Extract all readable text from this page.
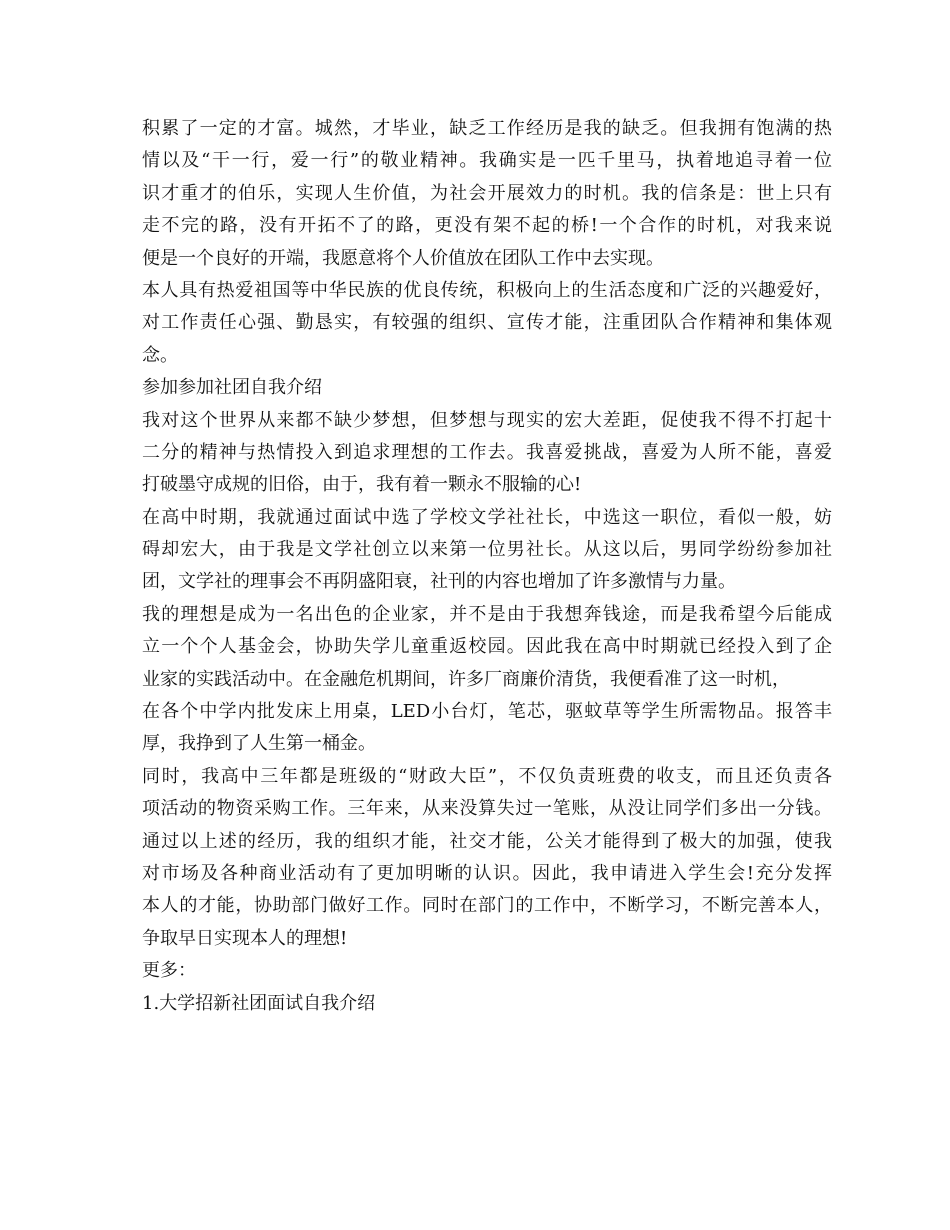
积累了一定的才富。城然，才毕业，缺乏工作经历是我的缺乏。但我拥有饱满的热
情以及“干一行，爱一行”的敬业精神。我确实是一匹千里马，执着地追寻着一位
识才重才的伯乐，实现人生价值，为社会开展效力的时机。我的信条是：世上只有
走不完的路，没有开拓不了的路，更没有架不起的桥!一个合作的时机，对我来说
便是一个良好的开端，我愿意将个人价值放在团队工作中去实现。
本人具有热爱祖国等中华民族的优良传统，积极向上的生活态度和广泛的兴趣爱好，
对工作责任心强、勤恳实，有较强的组织、宣传才能，注重团队合作精神和集体观
念。
参加参加社团自我介绍
我对这个世界从来都不缺少梦想，但梦想与现实的宏大差距，促使我不得不打起十
二分的精神与热情投入到追求理想的工作去。我喜爱挑战，喜爱为人所不能，喜爱
打破墨守成规的旧俗，由于，我有着一颗永不服输的心!
在高中时期，我就通过面试中选了学校文学社社长，中选这一职位，看似一般，妨
碍却宏大，由于我是文学社创立以来第一位男社长。从这以后，男同学纷纷参加社
团，文学社的理事会不再阴盛阳衰，社刊的内容也增加了许多激情与力量。
我的理想是成为一名出色的企业家，并不是由于我想奔钱途，而是我希望今后能成
立一个个人基金会，协助失学儿童重返校园。因此我在高中时期就已经投入到了企
业家的实践活动中。在金融危机期间，许多厂商廉价清货，我便看准了这一时机，
在各个中学内批发床上用桌，LED小台灯，笔芯，驱蚊草等学生所需物品。报答丰
厚，我挣到了人生第一桶金。
同时，我高中三年都是班级的“财政大臣”，不仅负责班费的收支，而且还负责各
项活动的物资采购工作。三年来，从来没算失过一笔账，从没让同学们多出一分钱。
通过以上述的经历，我的组织才能，社交才能，公关才能得到了极大的加强，使我
对市场及各种商业活动有了更加明晰的认识。因此，我申请进入学生会!充分发挥
本人的才能，协助部门做好工作。同时在部门的工作中，不断学习，不断完善本人，
争取早日实现本人的理想!
更多：
1.大学招新社团面试自我介绍
